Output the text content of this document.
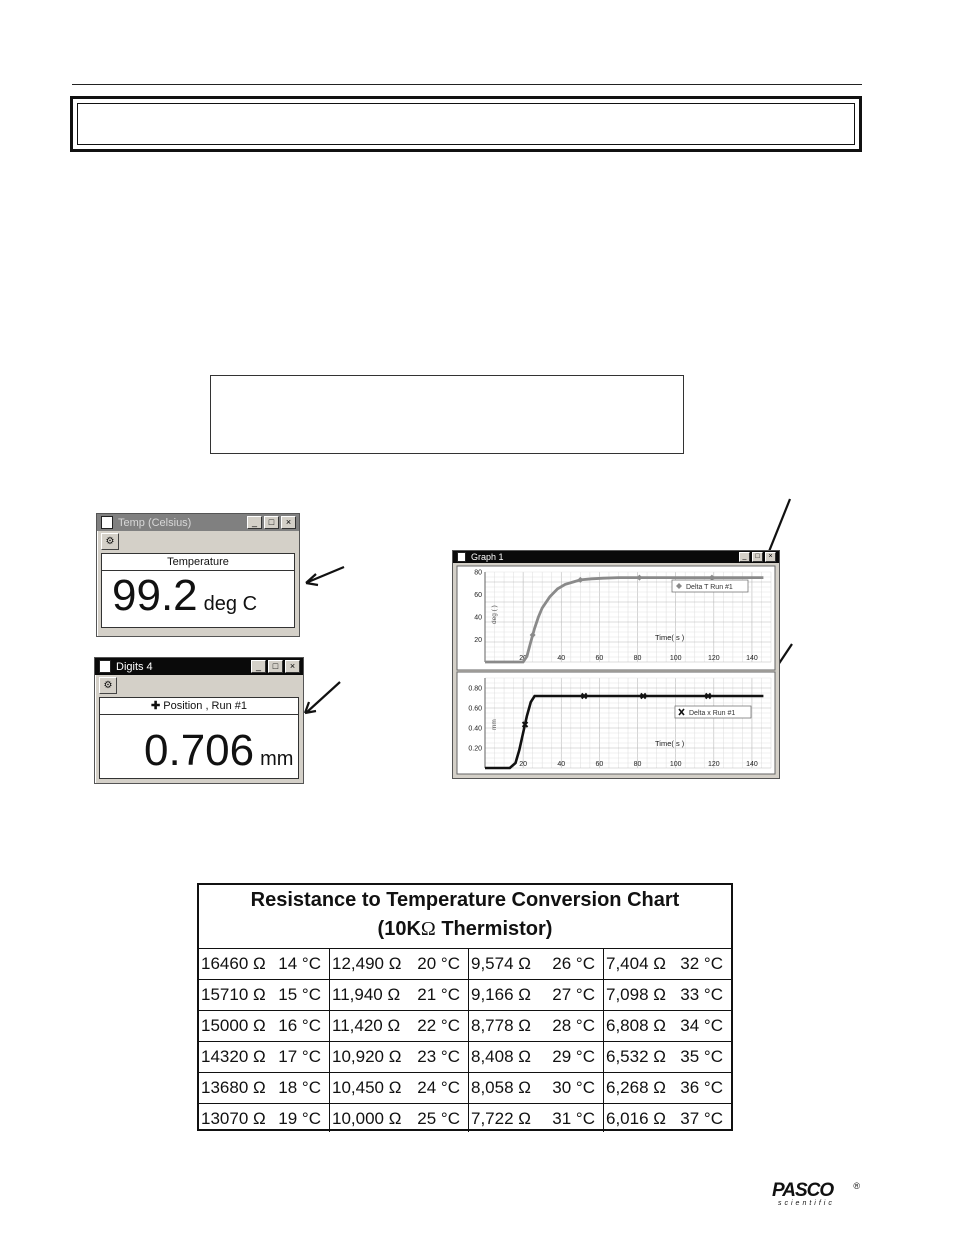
Temp (Celsius)	_	□	×
⚙
Temperature
99.2 deg C
Digits 4	_	□	×
⚙
✚ Position , Run #1
0.706 mm
Graph 1	_	□	×
20	40	60	80	100	120	140
20
40
60
80
Time( s )
deg ( )
Delta T Run #1
20	40	60	80	100	120	140
0.20
0.40
0.60
0.80
Time( s )
mm
Delta x Run #1
Resistance to Temperature Conversion Chart
(10KΩ Thermistor)
16460 Ω 14 °C 12,490 Ω 20 °C 9,574 Ω 26 °C 7,404 Ω 32 °C
15710 Ω 15 °C 11,940 Ω 21 °C 9,166 Ω 27 °C 7,098 Ω 33 °C
15000 Ω 16 °C 11,420 Ω 22 °C 8,778 Ω 28 °C 6,808 Ω 34 °C
14320 Ω 17 °C 10,920 Ω 23 °C 8,408 Ω 29 °C 6,532 Ω 35 °C
13680 Ω 18 °C 10,450 Ω 24 °C 8,058 Ω 30 °C 6,268 Ω 36 °C
13070 Ω 19 °C 10,000 Ω 25 °C 7,722 Ω 31 °C 6,016 Ω 37 °C
PASCO
scientific
®
